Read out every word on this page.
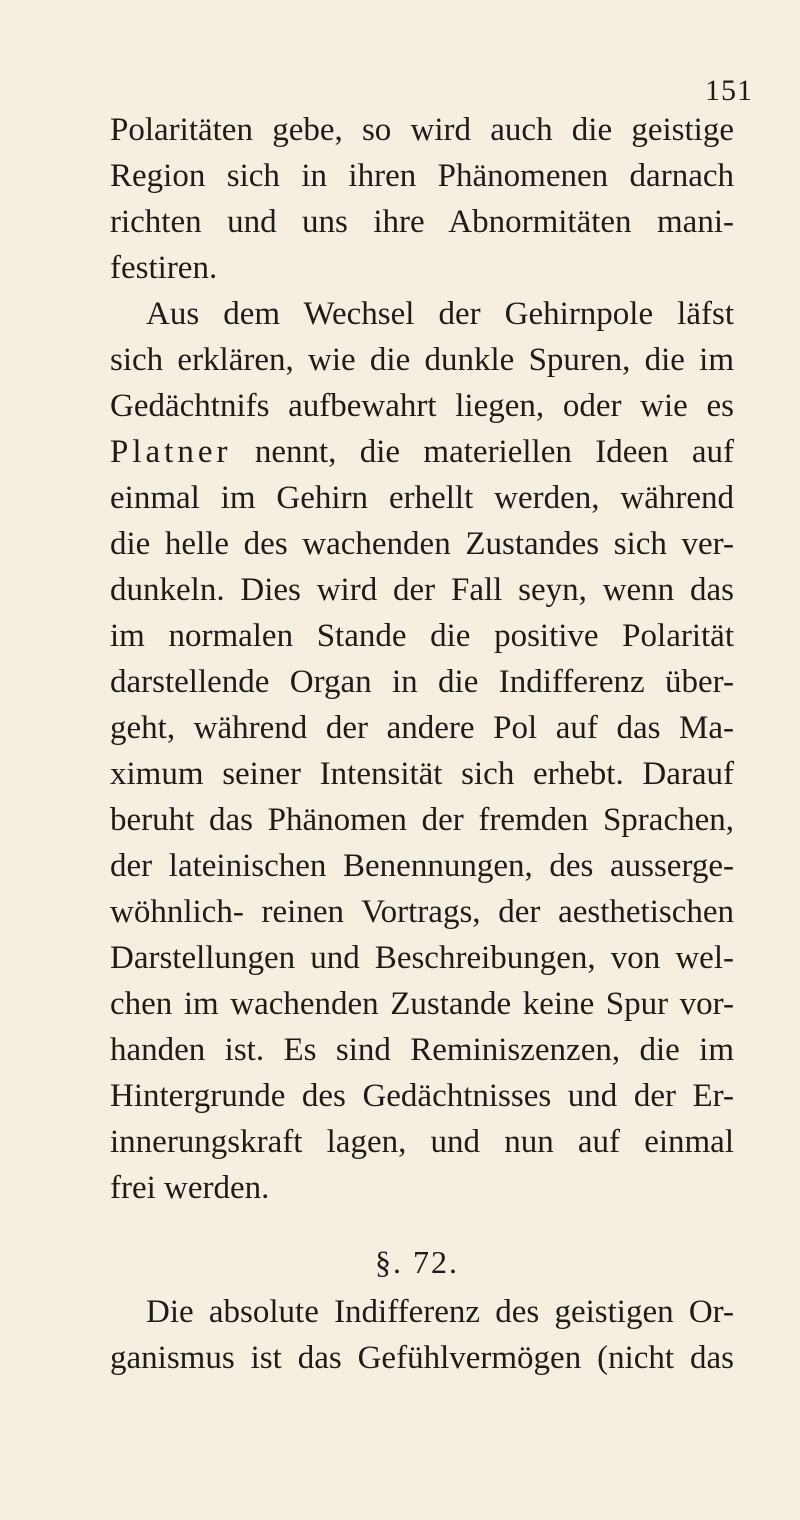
151
Polaritäten gebe, so wird auch die geistige
Region sich in ihren Phänomenen darnach
richten und uns ihre Abnormitäten mani-
festiren.
Aus dem Wechsel der Gehirnpole läfst
sich erklären, wie die dunkle Spuren, die im
Gedächtnifs aufbewahrt liegen, oder wie es
Platner nennt, die materiellen Ideen auf
einmal im Gehirn erhellt werden, während
die helle des wachenden Zustandes sich ver-
dunkeln. Dies wird der Fall seyn, wenn das
im normalen Stande die positive Polarität
darstellende Organ in die Indifferenz über-
geht, während der andere Pol auf das Ma-
ximum seiner Intensität sich erhebt. Darauf
beruht das Phänomen der fremden Sprachen,
der lateinischen Benennungen, des ausserge-
wöhnlich- reinen Vortrags, der aesthetischen
Darstellungen und Beschreibungen, von wel-
chen im wachenden Zustande keine Spur vor-
handen ist. Es sind Reminiszenzen, die im
Hintergrunde des Gedächtnisses und der Er-
innerungskraft lagen, und nun auf einmal
frei werden.
§. 72.
Die absolute Indifferenz des geistigen Or-
ganismus ist das Gefühlvermögen (nicht das
